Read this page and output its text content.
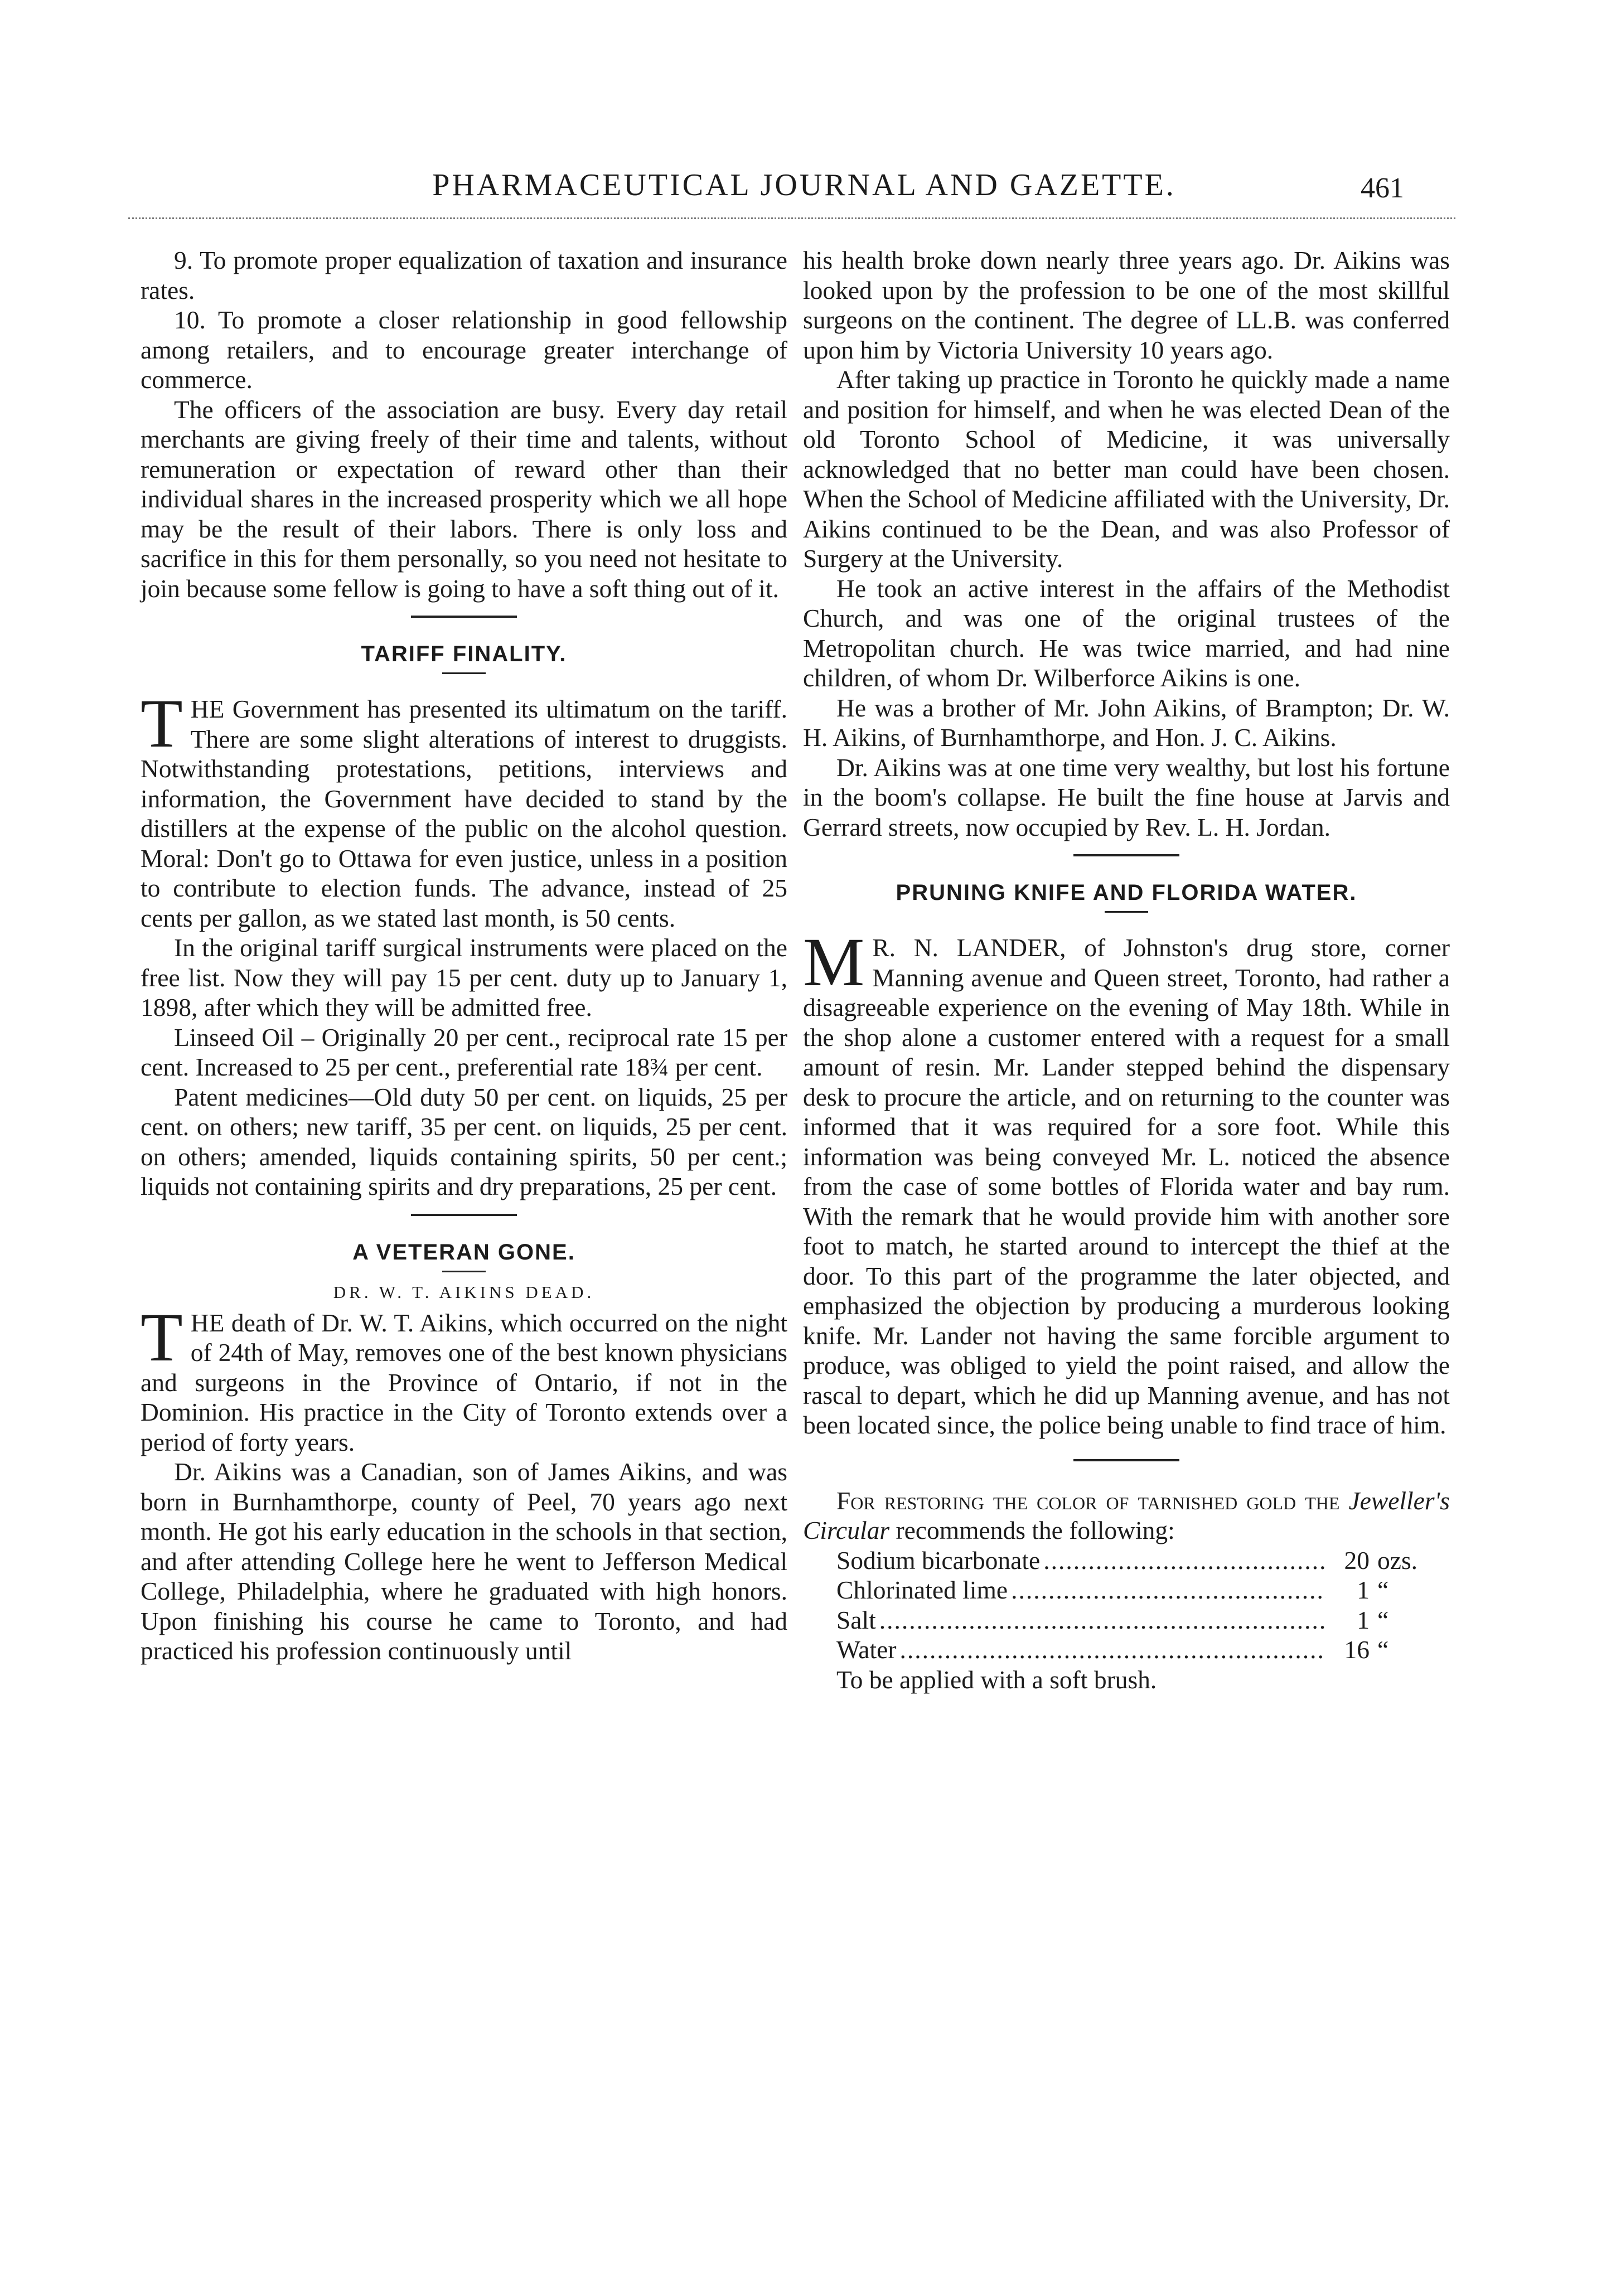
PHARMACEUTICAL JOURNAL AND GAZETTE.	461

9. To promote proper equalization of taxation and insurance rates.

10. To promote a closer relationship in good fellowship among retailers, and to encourage greater interchange of commerce.

The officers of the association are busy. Every day retail merchants are giving freely of their time and talents, without remuneration or expectation of reward other than their individual shares in the increased prosperity which we all hope may be the result of their labors. There is only loss and sacrifice in this for them personally, so you need not hesitate to join because some fellow is going to have a soft thing out of it.

TARIFF FINALITY.

THE Government has presented its ultimatum on the tariff. There are some slight alterations of interest to druggists. Notwithstanding protestations, petitions, interviews and information, the Government have decided to stand by the distillers at the expense of the public on the alcohol question. Moral: Don't go to Ottawa for even justice, unless in a position to contribute to election funds. The advance, instead of 25 cents per gallon, as we stated last month, is 50 cents.

In the original tariff surgical instruments were placed on the free list. Now they will pay 15 per cent. duty up to January 1, 1898, after which they will be admitted free.

Linseed Oil – Originally 20 per cent., reciprocal rate 15 per cent. Increased to 25 per cent., preferential rate 18¾ per cent.

Patent medicines—Old duty 50 per cent. on liquids, 25 per cent. on others; new tariff, 35 per cent. on liquids, 25 per cent. on others; amended, liquids containing spirits, 50 per cent.; liquids not containing spirits and dry preparations, 25 per cent.

A VETERAN GONE.
DR. W. T. AIKINS DEAD.

THE death of Dr. W. T. Aikins, which occurred on the night of 24th of May, removes one of the best known physicians and surgeons in the Province of Ontario, if not in the Dominion. His practice in the City of Toronto extends over a period of forty years.

Dr. Aikins was a Canadian, son of James Aikins, and was born in Burnhamthorpe, county of Peel, 70 years ago next month. He got his early education in the schools in that section, and after attending College here he went to Jefferson Medical College, Philadelphia, where he graduated with high honors. Upon finishing his course he came to Toronto, and had practiced his profession continuously until

his health broke down nearly three years ago. Dr. Aikins was looked upon by the profession to be one of the most skillful surgeons on the continent. The degree of LL.B. was conferred upon him by Victoria University 10 years ago.

After taking up practice in Toronto he quickly made a name and position for himself, and when he was elected Dean of the old Toronto School of Medicine, it was universally acknowledged that no better man could have been chosen. When the School of Medicine affiliated with the University, Dr. Aikins continued to be the Dean, and was also Professor of Surgery at the University.

He took an active interest in the affairs of the Methodist Church, and was one of the original trustees of the Metropolitan church. He was twice married, and had nine children, of whom Dr. Wilberforce Aikins is one.

He was a brother of Mr. John Aikins, of Brampton; Dr. W. H. Aikins, of Burnhamthorpe, and Hon. J. C. Aikins.

Dr. Aikins was at one time very wealthy, but lost his fortune in the boom's collapse. He built the fine house at Jarvis and Gerrard streets, now occupied by Rev. L. H. Jordan.

PRUNING KNIFE AND FLORIDA WATER.

M R. N. LANDER, of Johnston's drug store, corner Manning avenue and Queen street, Toronto, had rather a disagreeable experience on the evening of May 18th. While in the shop alone a customer entered with a request for a small amount of resin. Mr. Lander stepped behind the dispensary desk to procure the article, and on returning to the counter was informed that it was required for a sore foot. While this information was being conveyed Mr. L. noticed the absence from the case of some bottles of Florida water and bay rum. With the remark that he would provide him with another sore foot to match, he started around to intercept the thief at the door. To this part of the programme the later objected, and emphasized the objection by producing a murderous looking knife. Mr. Lander not having the same forcible argument to produce, was obliged to yield the point raised, and allow the rascal to depart, which he did up Manning avenue, and has not been located since, the police being unable to find trace of him.

For restoring the color of tarnished gold the Jeweller's Circular recommends the following:

Sodium bicarbonate .....	20 ozs.
Chlorinated lime .....	1 “
Salt .....	1 “
Water .....	16 “
To be applied with a soft brush.
